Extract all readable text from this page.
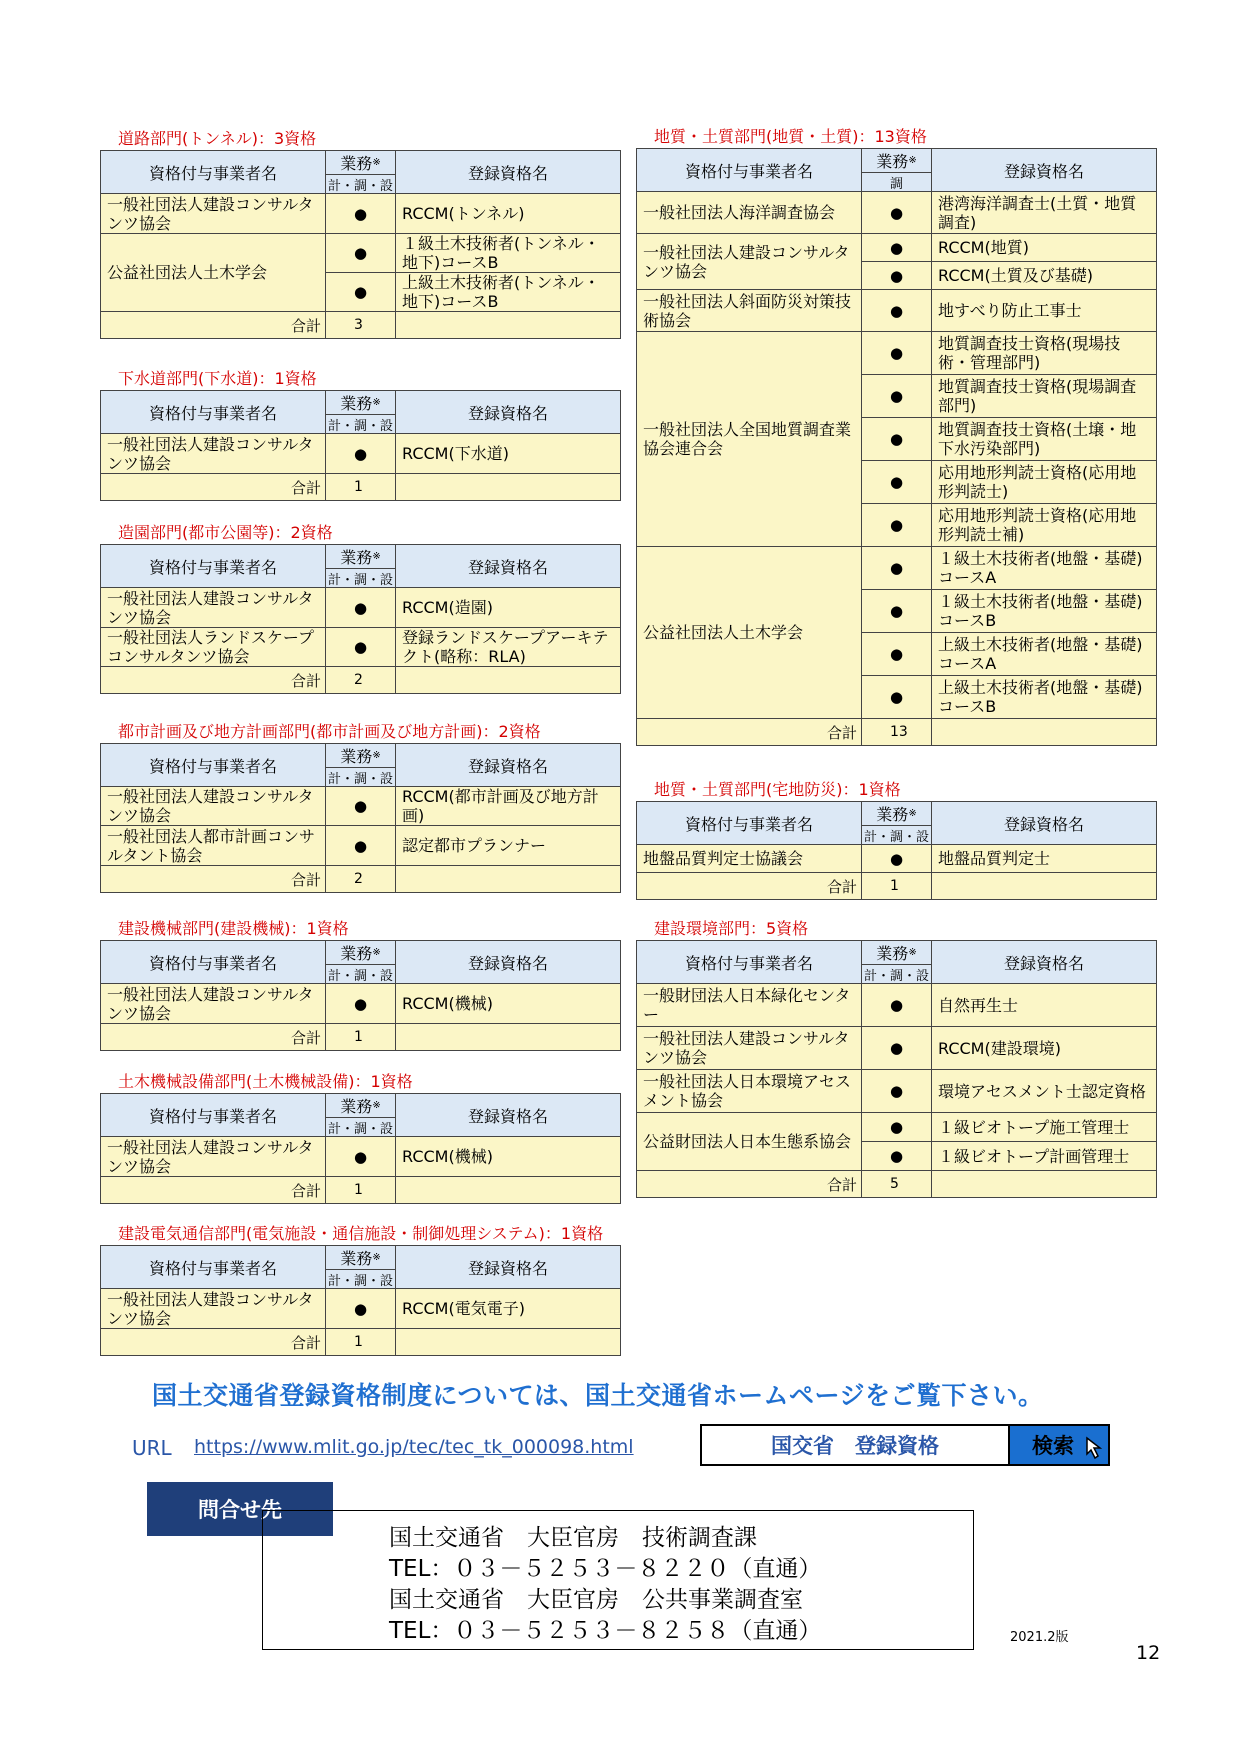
道路部門(トンネル)：3資格
資格付与事業者名	業務 ※
計・調・設	登録資格名
一般社団法人建設コンサルタンツ協会	●	RCCM(トンネル)
公益社団法人土木学会	●	１級土木技術者(トンネル・地下)コースB
	●	上級土木技術者(トンネル・地下)コースB
合計	3	
下水道部門(下水道)：1資格
資格付与事業者名	業務 ※
計・調・設	登録資格名
一般社団法人建設コンサルタンツ協会	●	RCCM(下水道)
合計	1	
造園部門(都市公園等)：2資格
資格付与事業者名	業務 ※
計・調・設	登録資格名
一般社団法人建設コンサルタンツ協会	●	RCCM(造園)
一般社団法人ランドスケープコンサルタンツ協会	●	登録ランドスケープアーキテクト(略称：RLA)
合計	2	
都市計画及び地方計画部門(都市計画及び地方計画)：2資格
資格付与事業者名	業務 ※
計・調・設	登録資格名
一般社団法人建設コンサルタンツ協会	●	RCCM(都市計画及び地方計画)
一般社団法人都市計画コンサルタント協会	●	認定都市プランナー
合計	2	
建設機械部門(建設機械)：1資格
資格付与事業者名	業務 ※
計・調・設	登録資格名
一般社団法人建設コンサルタンツ協会	●	RCCM(機械)
合計	1	
土木機械設備部門(土木機械設備)：1資格
資格付与事業者名	業務 ※
計・調・設	登録資格名
一般社団法人建設コンサルタンツ協会	●	RCCM(機械)
合計	1	
建設電気通信部門(電気施設・通信施設・制御処理システム)：1資格
資格付与事業者名	業務 ※
計・調・設	登録資格名
一般社団法人建設コンサルタンツ協会	●	RCCM(電気電子)
合計	1	
地質・土質部門(地質・土質)：13資格
資格付与事業者名	業務 ※
調	登録資格名
一般社団法人海洋調査協会	●	港湾海洋調査士(土質・地質調査)
一般社団法人建設コンサルタンツ協会	●	RCCM(地質)
	●	RCCM(土質及び基礎)
一般社団法人斜面防災対策技術協会	●	地すべり防止工事士
一般社団法人全国地質調査業協会連合会	●	地質調査技士資格(現場技術・管理部門)
	●	地質調査技士資格(現場調査部門)
	●	地質調査技士資格(土壌・地下水汚染部門)
	●	応用地形判読士資格(応用地形判読士)
	●	応用地形判読士資格(応用地形判読士補)
公益社団法人土木学会	●	１級土木技術者(地盤・基礎)コースA
	●	１級土木技術者(地盤・基礎)コースB
	●	上級土木技術者(地盤・基礎)コースA
	●	上級土木技術者(地盤・基礎)コースB
合計	13	
地質・土質部門(宅地防災)：1資格
資格付与事業者名	業務 ※
計・調・設	登録資格名
地盤品質判定士協議会	●	地盤品質判定士
合計	1	
建設環境部門：5資格
資格付与事業者名	業務 ※
計・調・設	登録資格名
一般財団法人日本緑化センター	●	自然再生士
一般社団法人建設コンサルタンツ協会	●	RCCM(建設環境)
一般社団法人日本環境アセスメント協会	●	環境アセスメント士認定資格
公益財団法人日本生態系協会	●	１級ビオトープ施工管理士
	●	１級ビオトープ計画管理士
合計	5	
国土交通省登録資格制度については、国土交通省ホームページをご覧下さい。
URL https://www.mlit.go.jp/tec/tec_tk_000098.html	国交省　登録資格	検索
問合せ先
国土交通省　大臣官房　技術調査課
TEL：０３－５２５３－８２２０（直通）
国土交通省　大臣官房　公共事業調査室
TEL：０３－５２５３－８２５８（直通）	2021.2版
12
